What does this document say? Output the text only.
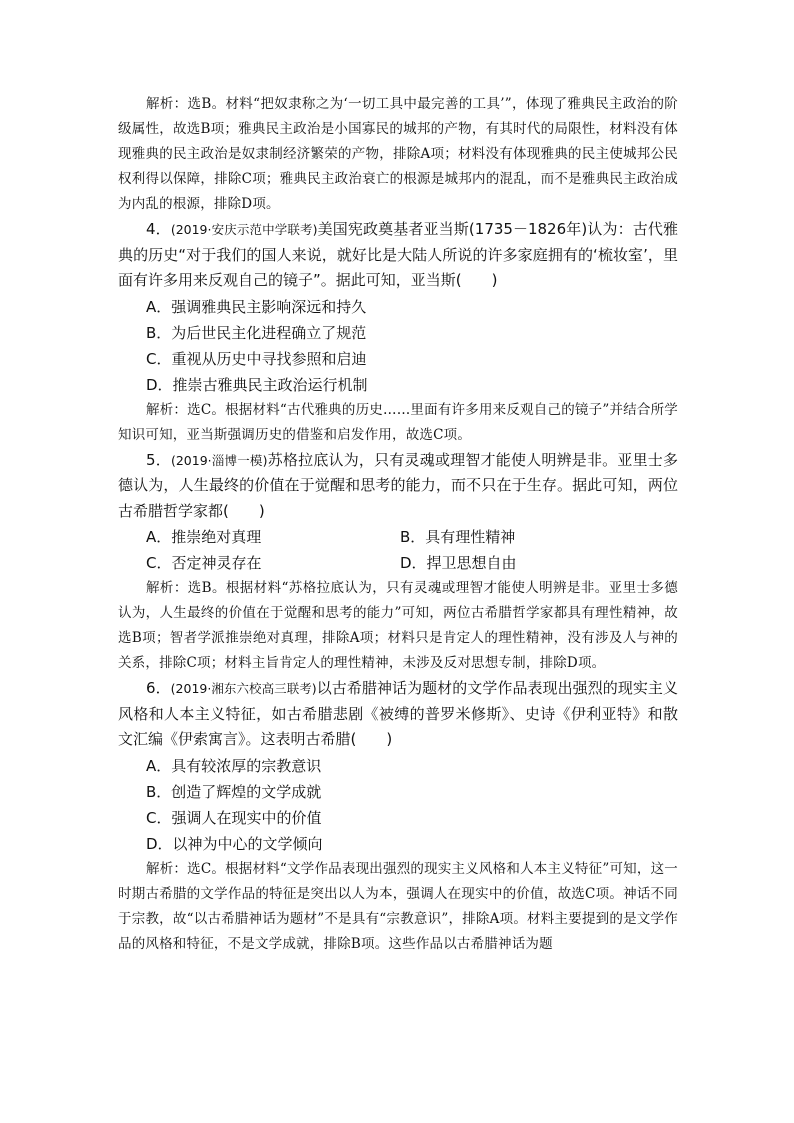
解析：选B。材料“把奴隶称之为‘一切工具中最完善的工具’”，体现了雅典民主政治的阶级属性，故选B项；雅典民主政治是小国寡民的城邦的产物，有其时代的局限性，材料没有体现雅典的民主政治是奴隶制经济繁荣的产物，排除A项；材料没有体现雅典的民主使城邦公民权利得以保障，排除C项；雅典民主政治衰亡的根源是城邦内的混乱，而不是雅典民主政治成为内乱的根源，排除D项。

4．(2019·安庆示范中学联考)美国宪政奠基者亚当斯(1735－1826年)认为：古代雅典的历史“对于我们的国人来说，就好比是大陆人所说的许多家庭拥有的‘梳妆室’，里面有许多用来反观自己的镜子”。据此可知，亚当斯(　　)

A．强调雅典民主影响深远和持久
B．为后世民主化进程确立了规范
C．重视从历史中寻找参照和启迪
D．推崇古雅典民主政治运行机制

解析：选C。根据材料“古代雅典的历史……里面有许多用来反观自己的镜子”并结合所学知识可知，亚当斯强调历史的借鉴和启发作用，故选C项。

5．(2019·淄博一模)苏格拉底认为，只有灵魂或理智才能使人明辨是非。亚里士多德认为，人生最终的价值在于觉醒和思考的能力，而不只在于生存。据此可知，两位古希腊哲学家都(　　)

A．推崇绝对真理	B．具有理性精神
C．否定神灵存在	D．捍卫思想自由

解析：选B。根据材料“苏格拉底认为，只有灵魂或理智才能使人明辨是非。亚里士多德认为，人生最终的价值在于觉醒和思考的能力”可知，两位古希腊哲学家都具有理性精神，故选B项；智者学派推崇绝对真理，排除A项；材料只是肯定人的理性精神，没有涉及人与神的关系，排除C项；材料主旨肯定人的理性精神，未涉及反对思想专制，排除D项。

6．(2019·湘东六校高三联考)以古希腊神话为题材的文学作品表现出强烈的现实主义风格和人本主义特征，如古希腊悲剧《被缚的普罗米修斯》、史诗《伊利亚特》和散文汇编《伊索寓言》。这表明古希腊(　　)

A．具有较浓厚的宗教意识
B．创造了辉煌的文学成就
C．强调人在现实中的价值
D．以神为中心的文学倾向

解析：选C。根据材料“文学作品表现出强烈的现实主义风格和人本主义特征”可知，这一时期古希腊的文学作品的特征是突出以人为本，强调人在现实中的价值，故选C项。神话不同于宗教，故“以古希腊神话为题材”不是具有“宗教意识”，排除A项。材料主要提到的是文学作品的风格和特征，不是文学成就，排除B项。这些作品以古希腊神话为题
